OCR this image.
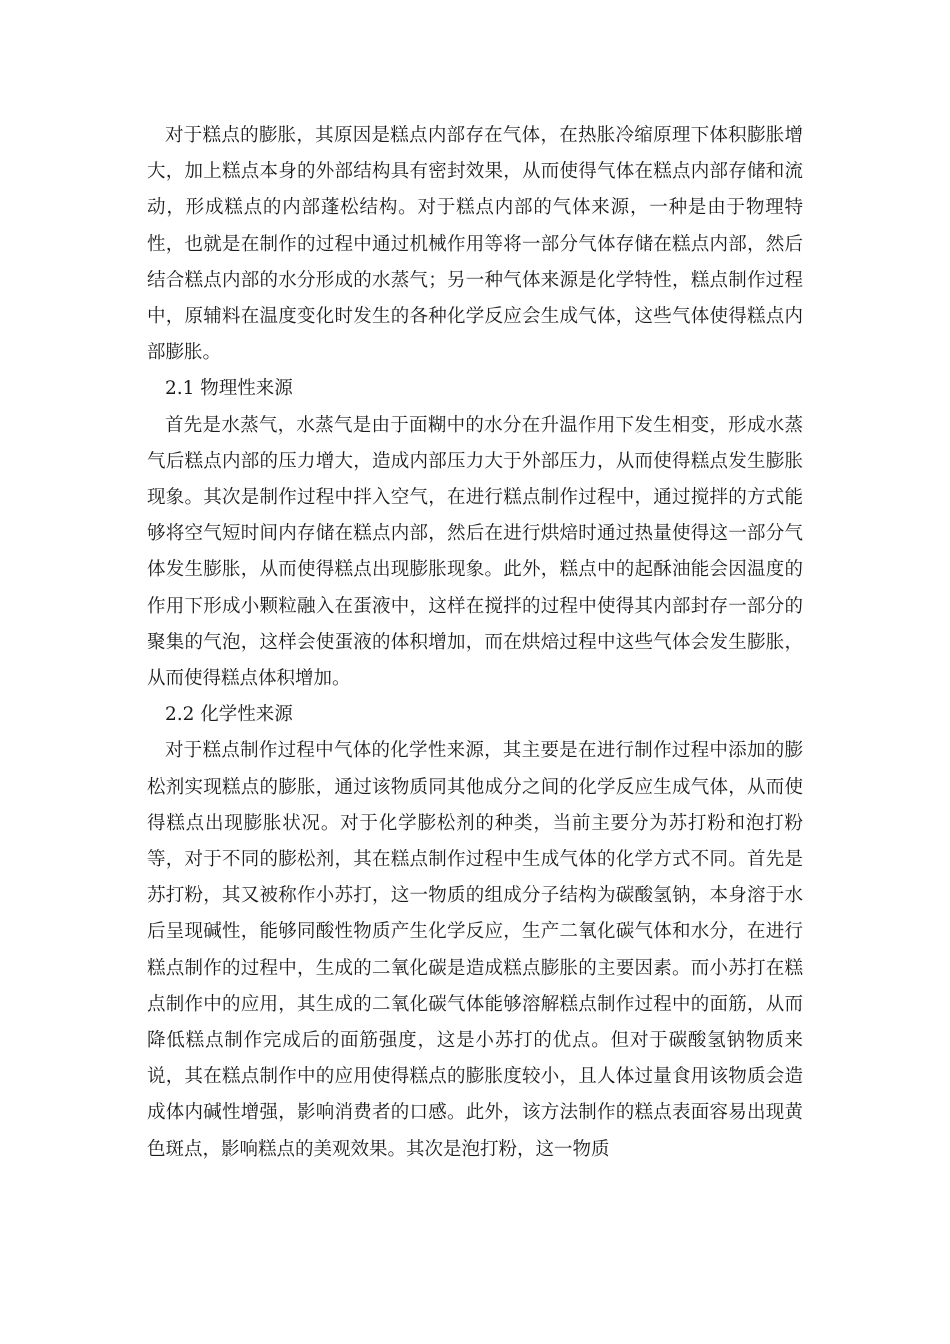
对于糕点的膨胀，其原因是糕点内部存在气体，在热胀冷缩原理下体积膨胀增大，加上糕点本身的外部结构具有密封效果，从而使得气体在糕点内部存储和流动，形成糕点的内部蓬松结构。对于糕点内部的气体来源，一种是由于物理特性，也就是在制作的过程中通过机械作用等将一部分气体存储在糕点内部，然后结合糕点内部的水分形成的水蒸气；另一种气体来源是化学特性，糕点制作过程中，原辅料在温度变化时发生的各种化学反应会生成气体，这些气体使得糕点内部膨胀。

2.1 物理性来源

首先是水蒸气，水蒸气是由于面糊中的水分在升温作用下发生相变，形成水蒸气后糕点内部的压力增大，造成内部压力大于外部压力，从而使得糕点发生膨胀现象。其次是制作过程中拌入空气，在进行糕点制作过程中，通过搅拌的方式能够将空气短时间内存储在糕点内部，然后在进行烘焙时通过热量使得这一部分气体发生膨胀，从而使得糕点出现膨胀现象。此外，糕点中的起酥油能会因温度的作用下形成小颗粒融入在蛋液中，这样在搅拌的过程中使得其内部封存一部分的聚集的气泡，这样会使蛋液的体积增加，而在烘焙过程中这些气体会发生膨胀，从而使得糕点体积增加。

2.2 化学性来源

对于糕点制作过程中气体的化学性来源，其主要是在进行制作过程中添加的膨松剂实现糕点的膨胀，通过该物质同其他成分之间的化学反应生成气体，从而使得糕点出现膨胀状况。对于化学膨松剂的种类，当前主要分为苏打粉和泡打粉等，对于不同的膨松剂，其在糕点制作过程中生成气体的化学方式不同。首先是苏打粉，其又被称作小苏打，这一物质的组成分子结构为碳酸氢钠，本身溶于水后呈现碱性，能够同酸性物质产生化学反应，生产二氧化碳气体和水分，在进行糕点制作的过程中，生成的二氧化碳是造成糕点膨胀的主要因素。而小苏打在糕点制作中的应用，其生成的二氧化碳气体能够溶解糕点制作过程中的面筋，从而降低糕点制作完成后的面筋强度，这是小苏打的优点。但对于碳酸氢钠物质来说，其在糕点制作中的应用使得糕点的膨胀度较小，且人体过量食用该物质会造成体内碱性增强，影响消费者的口感。此外，该方法制作的糕点表面容易出现黄色斑点，影响糕点的美观效果。其次是泡打粉，这一物质
